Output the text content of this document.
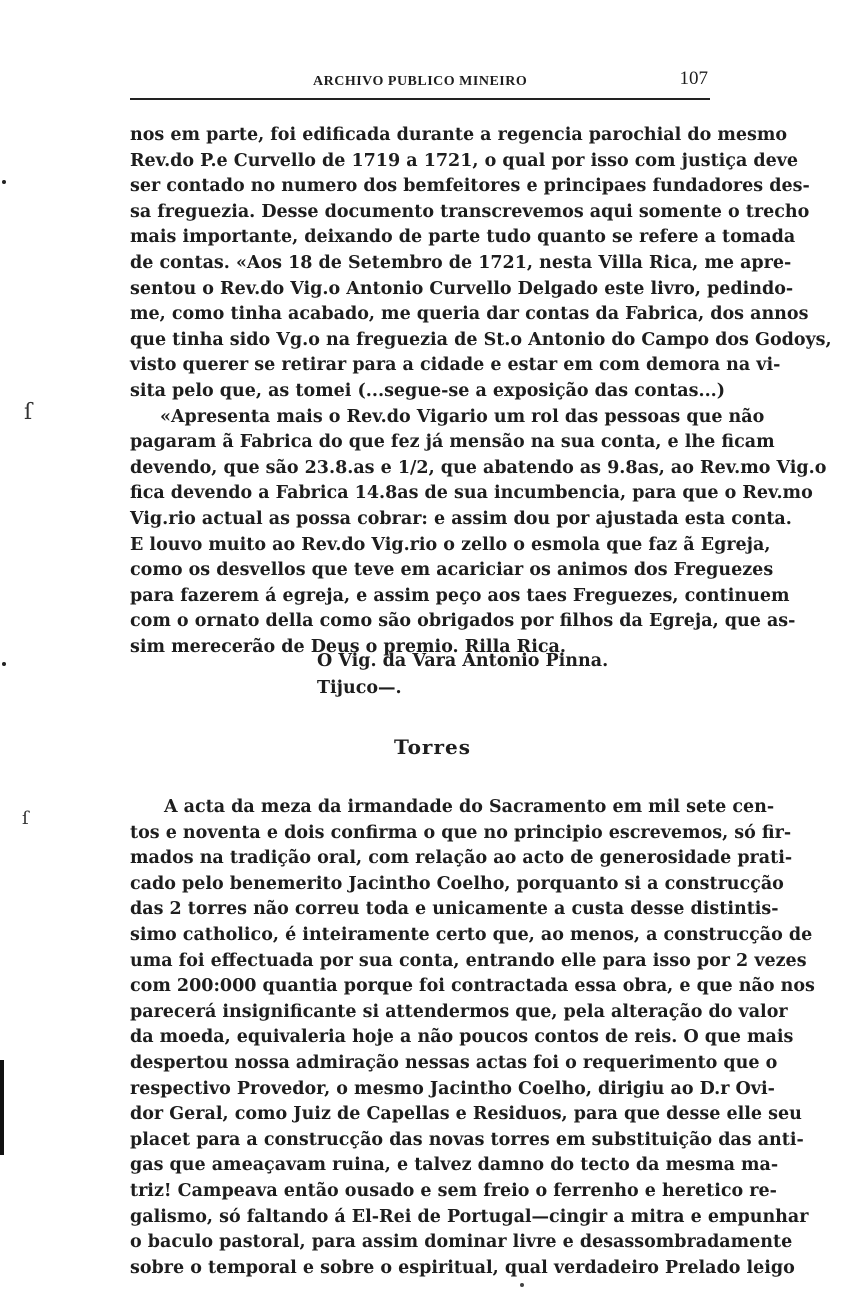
ARCHIVO PUBLICO MINEIRO	107
nos em parte, foi edificada durante a regencia parochial do mesmo
Rev.do P.e Curvello de 1719 a 1721, o qual por isso com justiça deve
ser contado no numero dos bemfeitores e principaes fundadores des-
sa freguezia. Desse documento transcrevemos aqui somente o trecho
mais importante, deixando de parte tudo quanto se refere a tomada
de contas. «Aos 18 de Setembro de 1721, nesta Villa Rica, me apre-
sentou o Rev.do Vig.o Antonio Curvello Delgado este livro, pedindo-
me, como tinha acabado, me queria dar contas da Fabrica, dos annos
que tinha sido Vg.o na freguezia de St.o Antonio do Campo dos Godoys,
visto querer se retirar para a cidade e estar em com demora na vi-
sita pelo que, as tomei (...segue-se a exposição das contas...)
«Apresenta mais o Rev.do Vigario um rol das pessoas que não
pagaram ã Fabrica do que fez já mensão na sua conta, e lhe ficam
devendo, que são 23.8.as e 1/2, que abatendo as 9.8as, ao Rev.mo Vig.o
fica devendo a Fabrica 14.8as de sua incumbencia, para que o Rev.mo
Vig.rio actual as possa cobrar: e assim dou por ajustada esta conta.
E louvo muito ao Rev.do Vig.rio o zello o esmola que faz ã Egreja,
como os desvellos que teve em acariciar os animos dos Freguezes
para fazerem á egreja, e assim peço aos taes Freguezes, continuem
com o ornato della como são obrigados por filhos da Egreja, que as-
sim merecerão de Deus o premio. Rilla Rica.
O Vig. da Vara Antonio Pinna.
Tijuco—.
Torres
A acta da meza da irmandade do Sacramento em mil sete cen-
tos e noventa e dois confirma o que no principio escrevemos, só fir-
mados na tradição oral, com relação ao acto de generosidade prati-
cado pelo benemerito Jacintho Coelho, porquanto si a construcção
das 2 torres não correu toda e unicamente a custa desse distintis-
simo catholico, é inteiramente certo que, ao menos, a construcção de
uma foi effectuada por sua conta, entrando elle para isso por 2 vezes
com 200:000 quantia porque foi contractada essa obra, e que não nos
parecerá insignificante si attendermos que, pela alteração do valor
da moeda, equivaleria hoje a não poucos contos de reis. O que mais
despertou nossa admiração nessas actas foi o requerimento que o
respectivo Provedor, o mesmo Jacintho Coelho, dirigiu ao D.r Ovi-
dor Geral, como Juiz de Capellas e Residuos, para que desse elle seu
placet para a construcção das novas torres em substituição das anti-
gas que ameaçavam ruina, e talvez damno do tecto da mesma ma-
triz! Campeava então ousado e sem freio o ferrenho e heretico re-
galismo, só faltando á El-Rei de Portugal—cingir a mitra e empunhar
o baculo pastoral, para assim dominar livre e desassombradamente
sobre o temporal e sobre o espiritual, qual verdadeiro Prelado leigo
ſ
ſ
